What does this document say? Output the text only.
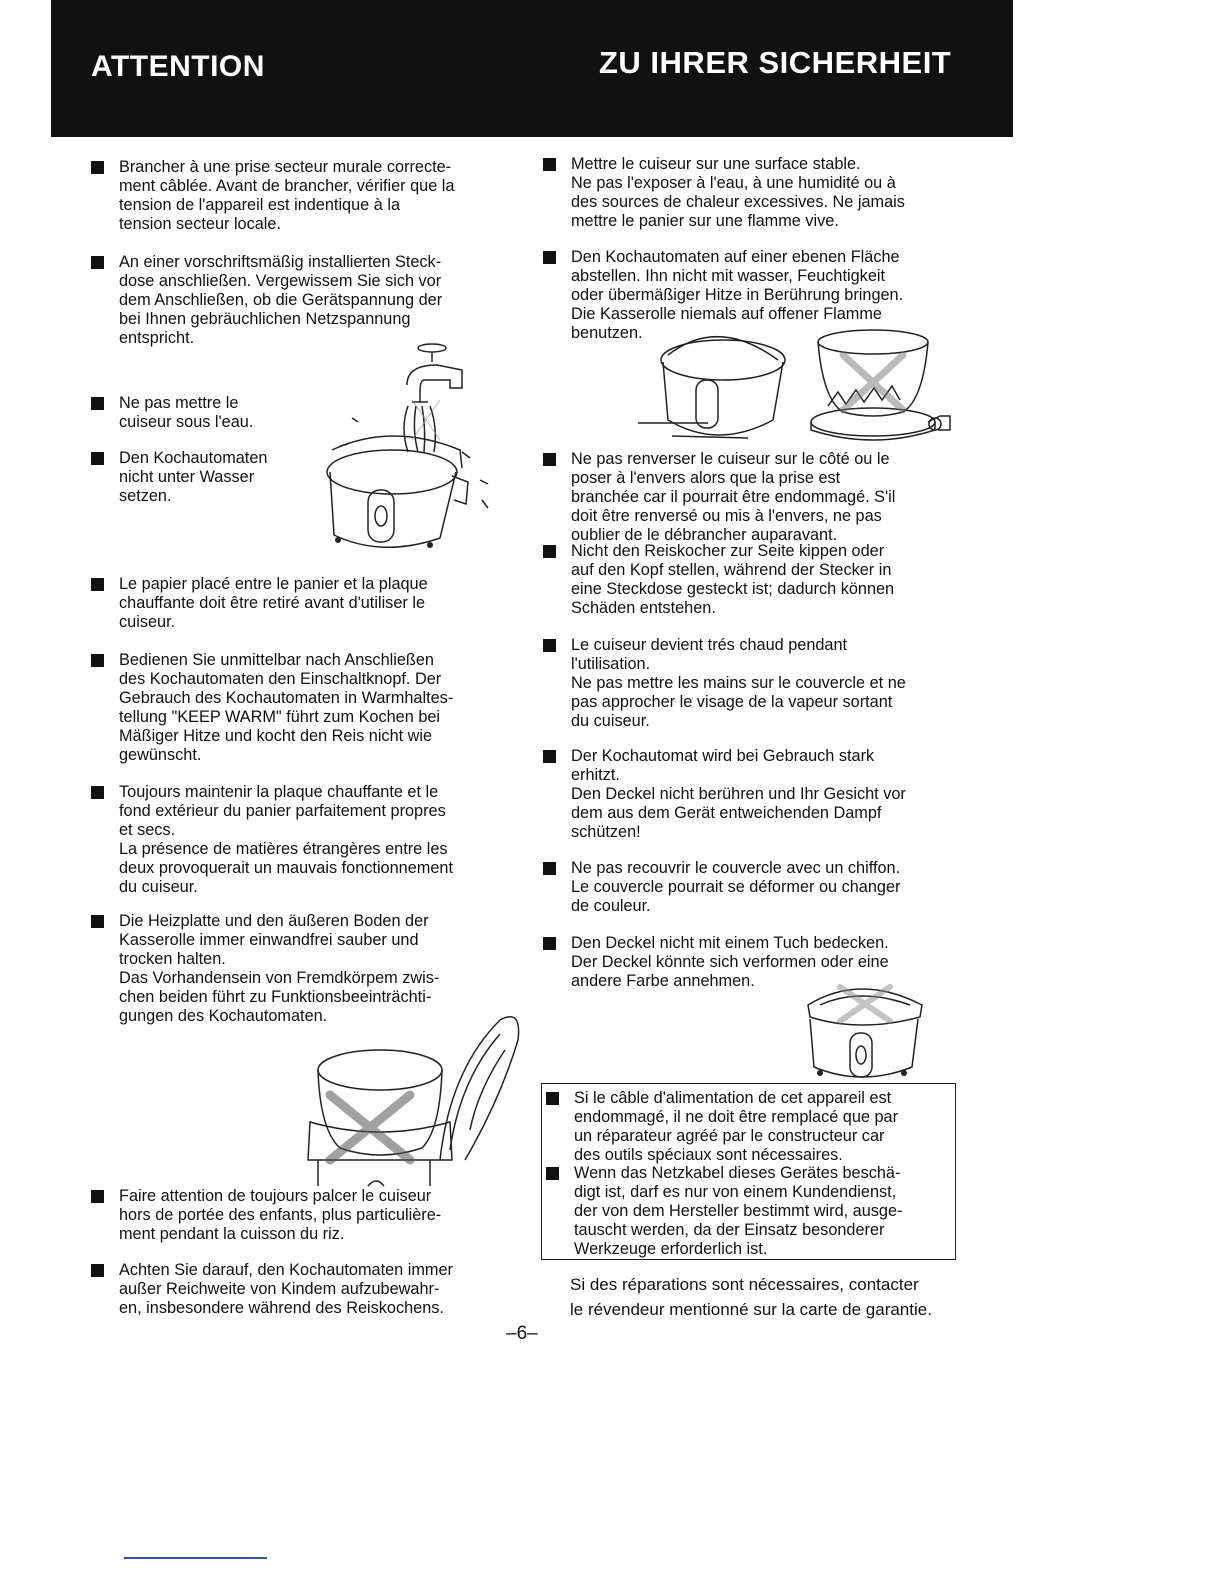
ATTENTION	ZU IHRER SICHERHEIT

Brancher à une prise secteur murale correcte-
ment câblée. Avant de brancher, vérifier que la
tension de l'appareil est indentique à la
tension secteur locale.

An einer vorschriftsmäßig installierten Steck-
dose anschließen. Vergewissem Sie sich vor
dem Anschließen, ob die Gerätspannung der
bei Ihnen gebräuchlichen Netzspannung
entspricht.

Ne pas mettre le
cuiseur sous l'eau.

Den Kochautomaten
nicht unter Wasser
setzen.

Le papier placé entre le panier et la plaque
chauffante doit être retiré avant d'utiliser le
cuiseur.

Bedienen Sie unmittelbar nach Anschließen
des Kochautomaten den Einschaltknopf. Der
Gebrauch des Kochautomaten in Warmhaltes-
tellung "KEEP WARM" führt zum Kochen bei
Mäßiger Hitze und kocht den Reis nicht wie
gewünscht.

Toujours maintenir la plaque chauffante et le
fond extérieur du panier parfaitement propres
et secs.
La présence de matières étrangères entre les
deux provoquerait un mauvais fonctionnement
du cuiseur.

Die Heizplatte und den äußeren Boden der
Kasserolle immer einwandfrei sauber und
trocken halten.
Das Vorhandensein von Fremdkörpem zwis-
chen beiden führt zu Funktionsbeeinträchti-
gungen des Kochautomaten.

Faire attention de toujours palcer le cuiseur
hors de portée des enfants, plus particulière-
ment pendant la cuisson du riz.

Achten Sie darauf, den Kochautomaten immer
außer Reichweite von Kindem aufzubewahr-
en, insbesondere während des Reiskochens.

Mettre le cuiseur sur une surface stable.
Ne pas l'exposer à l'eau, à une humidité ou à
des sources de chaleur excessives. Ne jamais
mettre le panier sur une flamme vive.

Den Kochautomaten auf einer ebenen Fläche
abstellen. Ihn nicht mit wasser, Feuchtigkeit
oder übermäßiger Hitze in Berührung bringen.
Die Kasserolle niemals auf offener Flamme
benutzen.

Ne pas renverser le cuiseur sur le côté ou le
poser à l'envers alors que la prise est
branchée car il pourrait être endommagé. S'il
doit être renversé ou mis à l'envers, ne pas
oublier de le débrancher auparavant.

Nicht den Reiskocher zur Seite kippen oder
auf den Kopf stellen, während der Stecker in
eine Steckdose gesteckt ist; dadurch können
Schäden entstehen.

Le cuiseur devient trés chaud pendant
l'utilisation.
Ne pas mettre les mains sur le couvercle et ne
pas approcher le visage de la vapeur sortant
du cuiseur.

Der Kochautomat wird bei Gebrauch stark
erhitzt.
Den Deckel nicht berühren und Ihr Gesicht vor
dem aus dem Gerät entweichenden Dampf
schützen!

Ne pas recouvrir le couvercle avec un chiffon.
Le couvercle pourrait se déformer ou changer
de couleur.

Den Deckel nicht mit einem Tuch bedecken.
Der Deckel könnte sich verformen oder eine
andere Farbe annehmen.

Si le câble d'alimentation de cet appareil est
endommagé, il ne doit être remplacé que par
un réparateur agréé par le constructeur car
des outils spéciaux sont nécessaires.

Wenn das Netzkabel dieses Gerätes beschä-
digt ist, darf es nur von einem Kundendienst,
der von dem Hersteller bestimmt wird, ausge-
tauscht werden, da der Einsatz besonderer
Werkzeuge erforderlich ist.

Si des réparations sont nécessaires, contacter
le révendeur mentionné sur la carte de garantie.
–6–
